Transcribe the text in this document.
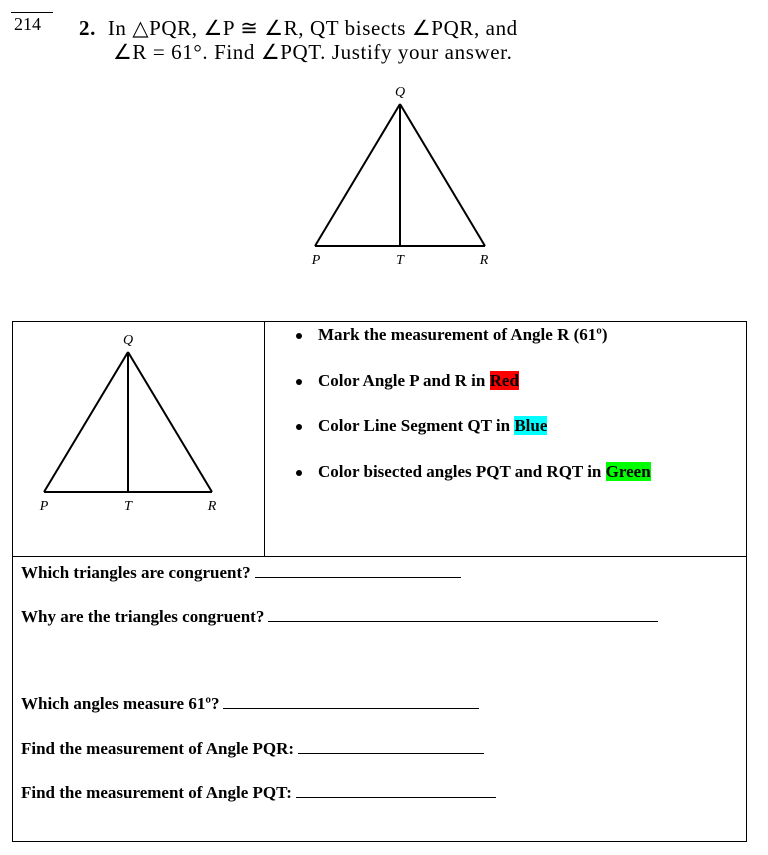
214 2. In △PQR, ∠P ≅ ∠R, QT bisects ∠PQR, and
∠R = 61°. Find ∠PQT. Justify your answer.
Q
P	T	R
Q
P	T	R
Mark the measurement of Angle R (61º)
Color Angle P and R in Red
Color Line Segment QT in Blue
Color bisected angles PQT and RQT in Green
Which triangles are congruent?
Why are the triangles congruent?
Which angles measure 61º?
Find the measurement of Angle PQR:
Find the measurement of Angle PQT:
